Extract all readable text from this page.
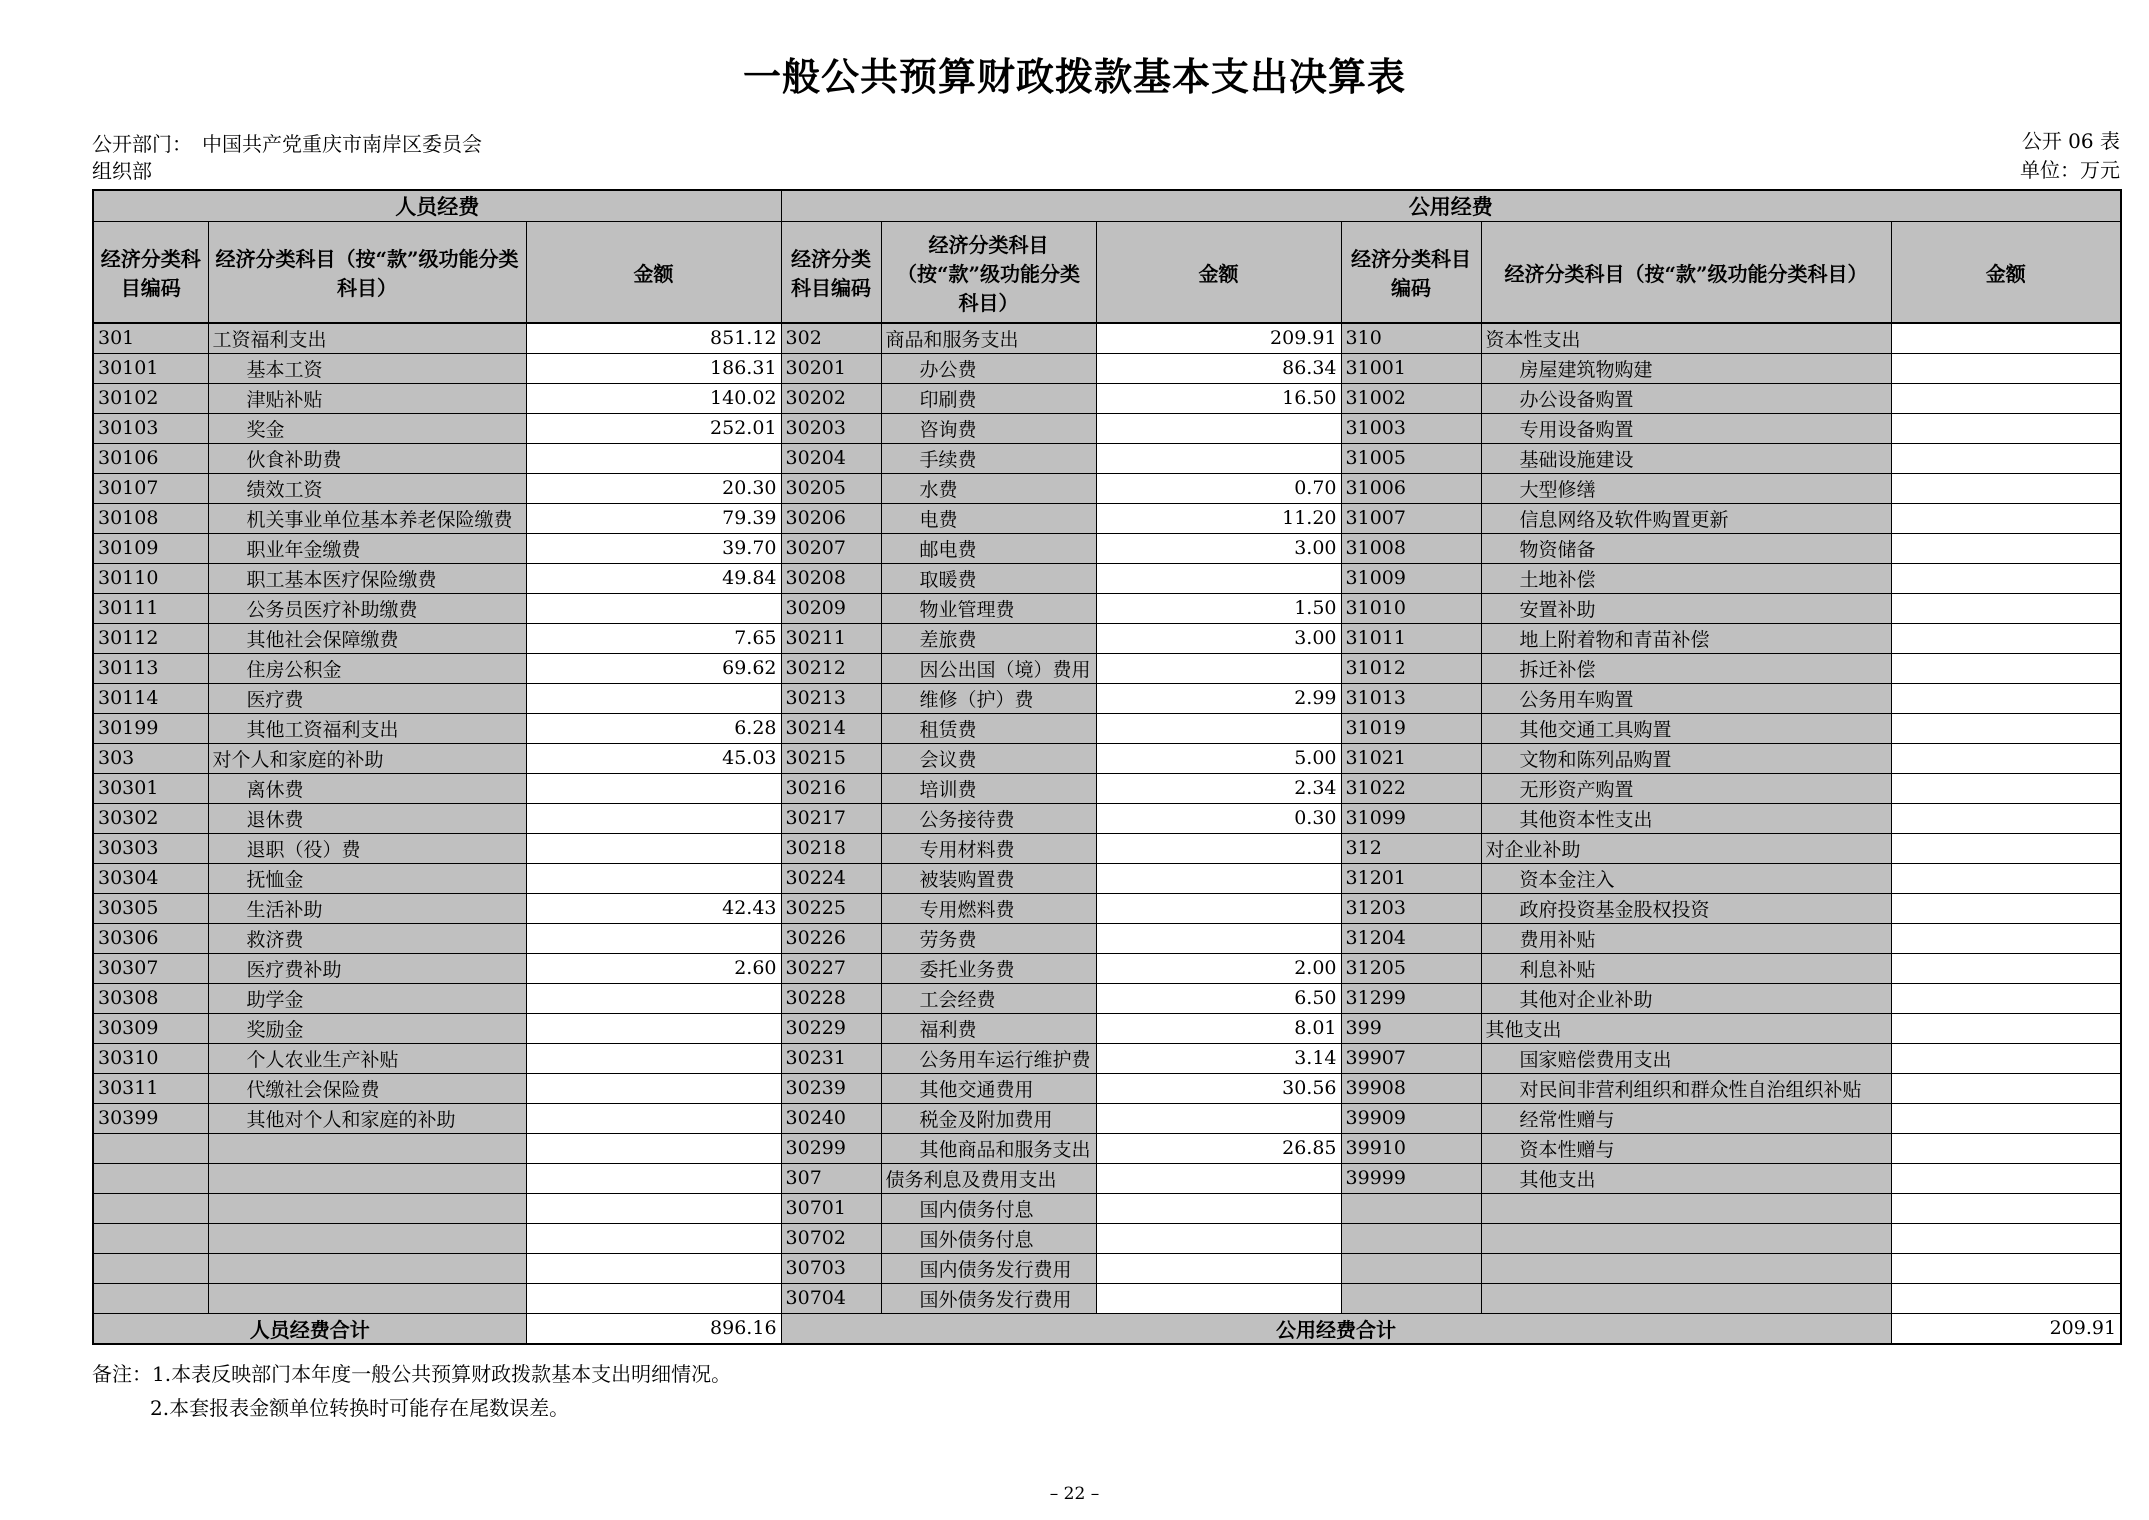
一般公共预算财政拨款基本支出决算表
公开部门：　中国共产党重庆市南岸区委员会
组织部
公开 06 表
单位：万元
人员经费			公用经费					
经济分类科目编码	经济分类科目（按“款”级功能分类科目）	金额	经济分类科目编码	经济分类科目（按“款”级功能分类科目）	金额	经济分类科目编码	经济分类科目（按“款”级功能分类科目）	金额
301	工资福利支出	851.12	302	商品和服务支出	209.91	310	资本性支出	
30101	基本工资	186.31	30201	办公费	86.34	31001	房屋建筑物购建	
30102	津贴补贴	140.02	30202	印刷费	16.50	31002	办公设备购置	
30103	奖金	252.01	30203	咨询费		31003	专用设备购置	
30106	伙食补助费		30204	手续费		31005	基础设施建设	
30107	绩效工资	20.30	30205	水费	0.70	31006	大型修缮	
30108	机关事业单位基本养老保险缴费	79.39	30206	电费	11.20	31007	信息网络及软件购置更新	
30109	职业年金缴费	39.70	30207	邮电费	3.00	31008	物资储备	
30110	职工基本医疗保险缴费	49.84	30208	取暖费		31009	土地补偿	
30111	公务员医疗补助缴费		30209	物业管理费	1.50	31010	安置补助	
30112	其他社会保障缴费	7.65	30211	差旅费	3.00	31011	地上附着物和青苗补偿	
30113	住房公积金	69.62	30212	因公出国（境）费用		31012	拆迁补偿	
30114	医疗费		30213	维修（护）费	2.99	31013	公务用车购置	
30199	其他工资福利支出	6.28	30214	租赁费		31019	其他交通工具购置	
303	对个人和家庭的补助	45.03	30215	会议费	5.00	31021	文物和陈列品购置	
30301	离休费		30216	培训费	2.34	31022	无形资产购置	
30302	退休费		30217	公务接待费	0.30	31099	其他资本性支出	
30303	退职（役）费		30218	专用材料费		312	对企业补助	
30304	抚恤金		30224	被装购置费		31201	资本金注入	
30305	生活补助	42.43	30225	专用燃料费		31203	政府投资基金股权投资	
30306	救济费		30226	劳务费		31204	费用补贴	
30307	医疗费补助	2.60	30227	委托业务费	2.00	31205	利息补贴	
30308	助学金		30228	工会经费	6.50	31299	其他对企业补助	
30309	奖励金		30229	福利费	8.01	399	其他支出	
30310	个人农业生产补贴		30231	公务用车运行维护费	3.14	39907	国家赔偿费用支出	
30311	代缴社会保险费		30239	其他交通费用	30.56	39908	对民间非营利组织和群众性自治组织补贴	
30399	其他对个人和家庭的补助		30240	税金及附加费用		39909	经常性赠与	
			30299	其他商品和服务支出	26.85	39910	资本性赠与	
			307	债务利息及费用支出		39999	其他支出	
			30701	国内债务付息				
			30702	国外债务付息				
			30703	国内债务发行费用				
			30704	国外债务发行费用				
人员经费合计		896.16	公用经费合计					209.91
备注：1.本表反映部门本年度一般公共预算财政拨款基本支出明细情况。
2.本套报表金额单位转换时可能存在尾数误差。
– 22 –
